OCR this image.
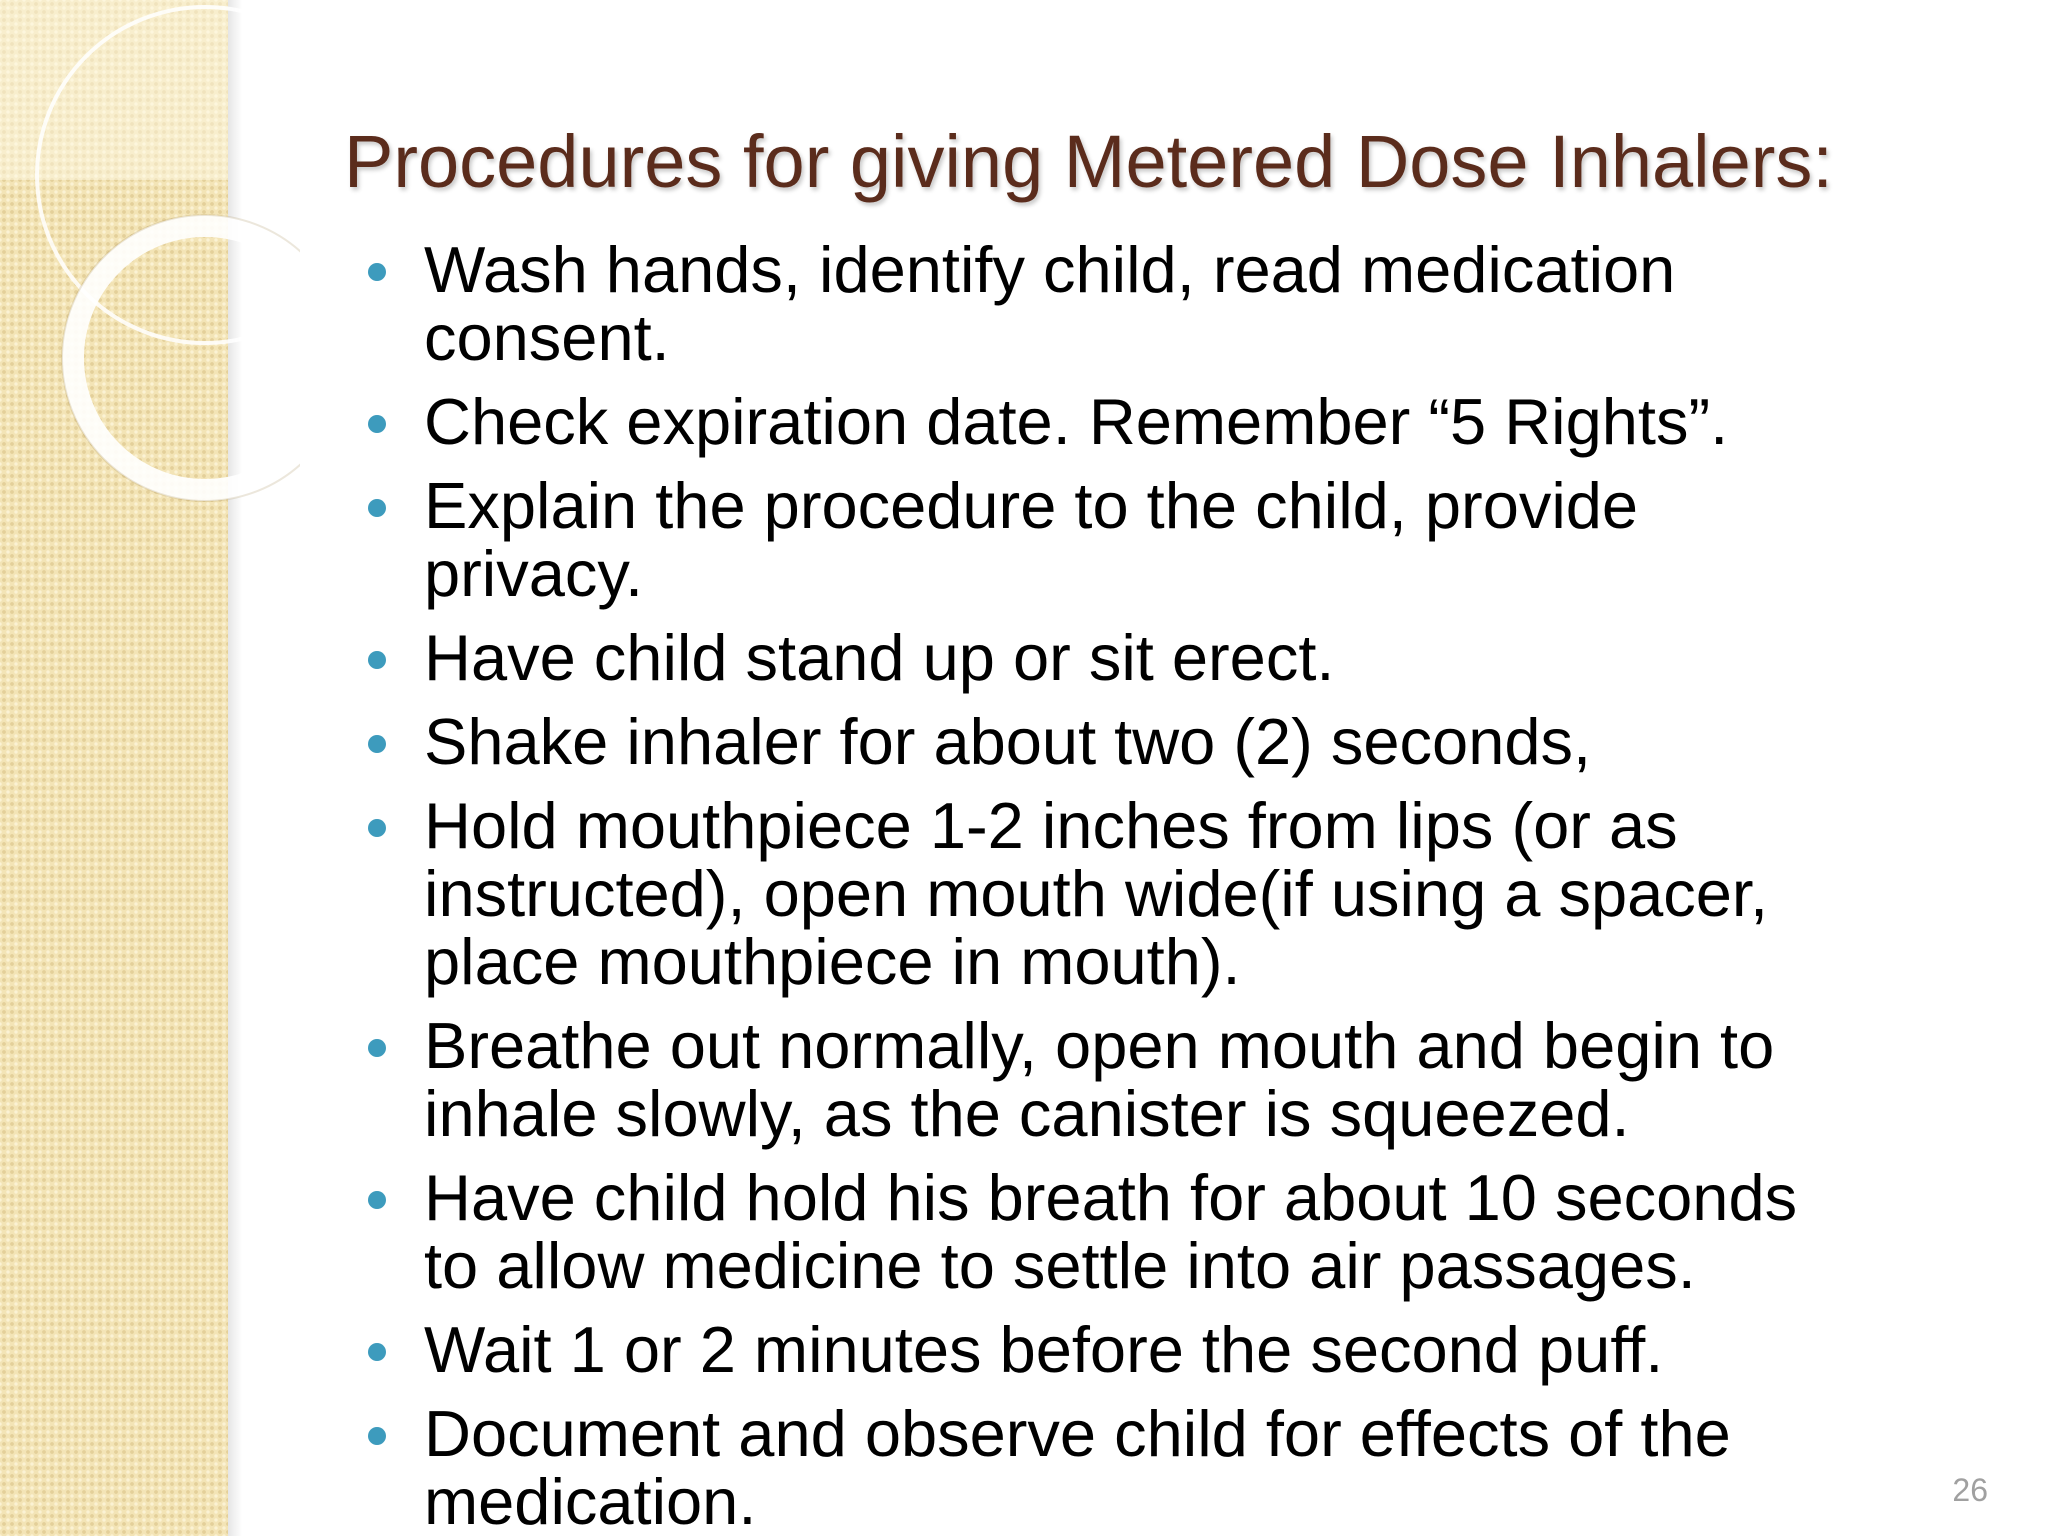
Procedures for giving Metered Dose Inhalers:
Wash hands, identify child, read medication
consent.
Check expiration date. Remember “5 Rights”.
Explain the procedure to the child, provide
privacy.
Have child stand up or sit erect.
Shake inhaler for about two (2) seconds,
Hold mouthpiece 1-2 inches from lips (or as
instructed), open mouth wide(if using a spacer,
place mouthpiece in mouth).
Breathe out normally, open mouth and begin to
inhale slowly, as the canister is squeezed.
Have child hold his breath for about 10 seconds
to allow medicine to settle into air passages.
Wait 1 or 2 minutes before the second puff.
Document and observe child for effects of the
medication.	26
